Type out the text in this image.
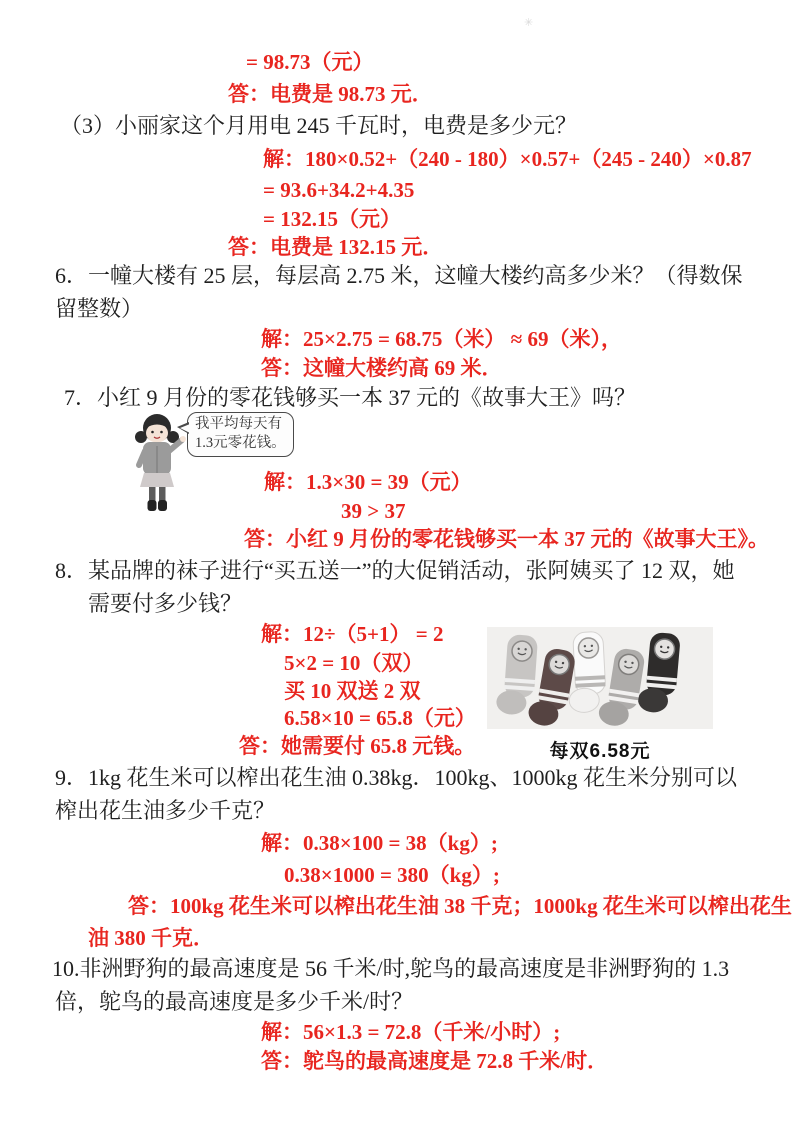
✳
= 98.73（元）
答：电费是 98.73 元．
（3）小丽家这个月用电 245 千瓦时，电费是多少元？
解：180×0.52+（240 - 180）×0.57+（245 - 240）×0.87
= 93.6+34.2+4.35
= 132.15（元）
答：电费是 132.15 元．
6．一幢大楼有 25 层，每层高 2.75 米，这幢大楼约高多少米？（得数保
留整数）
解：25×2.75 = 68.75（米） ≈ 69（米），
答：这幢大楼约高 69 米．
7．小红 9 月份的零花钱够买一本 37 元的《故事大王》吗？
我平均每天有
1.3元零花钱。
解：1.3×30 = 39（元）
39 > 37
答：小红 9 月份的零花钱够买一本 37 元的《故事大王》。
8．某品牌的袜子进行“买五送一”的大促销活动，张阿姨买了 12 双，她
需要付多少钱？
解：12÷（5+1） = 2
5×2 = 10（双）
买 10 双送 2 双
6.58×10 = 65.8（元）
答：她需要付 65.8 元钱。	每双6.58元
9．1kg 花生米可以榨出花生油 0.38kg．100kg、1000kg 花生米分别可以
榨出花生油多少千克？
解：0.38×100 = 38（kg）;
0.38×1000 = 380（kg）;
答：100kg 花生米可以榨出花生油 38 千克；1000kg 花生米可以榨出花生
油 380 千克．
10.非洲野狗的最高速度是 56 千米/时,鸵鸟的最高速度是非洲野狗的 1.3
倍，鸵鸟的最高速度是多少千米/时？
解：56×1.3 = 72.8（千米/小时）;
答：鸵鸟的最高速度是 72.8 千米/时．
